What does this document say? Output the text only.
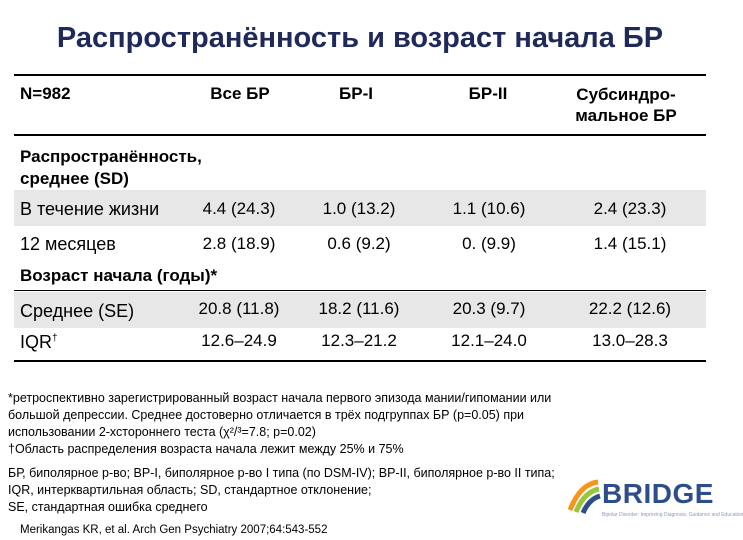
Распространённость и возраст начала БР
N=982	Все БР	БР-I	БР-II	Субсиндро-
мальное БР
Распространённость,
среднее (SD)
В течение жизни	4.4 (24.3)	1.0 (13.2)	1.1 (10.6)	2.4 (23.3)
12 месяцев	2.8 (18.9)	0.6 (9.2)	0. (9.9)	1.4 (15.1)
Возраст начала (годы)*
Среднее (SE)	20.8 (11.8)	18.2 (11.6)	20.3 (9.7)	22.2 (12.6)
IQR†	12.6–24.9	12.3–21.2	12.1–24.0	13.0–28.3
*ретроспективно зарегистрированный возраст начала первого эпизода мании/гипомании или
большой депрессии. Среднее достоверно отличается в трёх подгруппах БР (p=0.05) при
использовании 2-хстороннего теста (χ²/³=7.8; p=0.02)
†Область распределения возраста начала лежит между 25% и 75%
БР, биполярное р-во; BP-I, биполярное р-во I типа (по DSM-IV); BP-II, биполярное р-во II типа;
IQR, интерквартильная область; SD, стандартное отклонение;
SE, стандартная ошибка среднего
Merikangas KR, et al. Arch Gen Psychiatry 2007;64:543-552
BRIDGE
Bipolar Disorder: Improving Diagnosis, Guidance and Education
